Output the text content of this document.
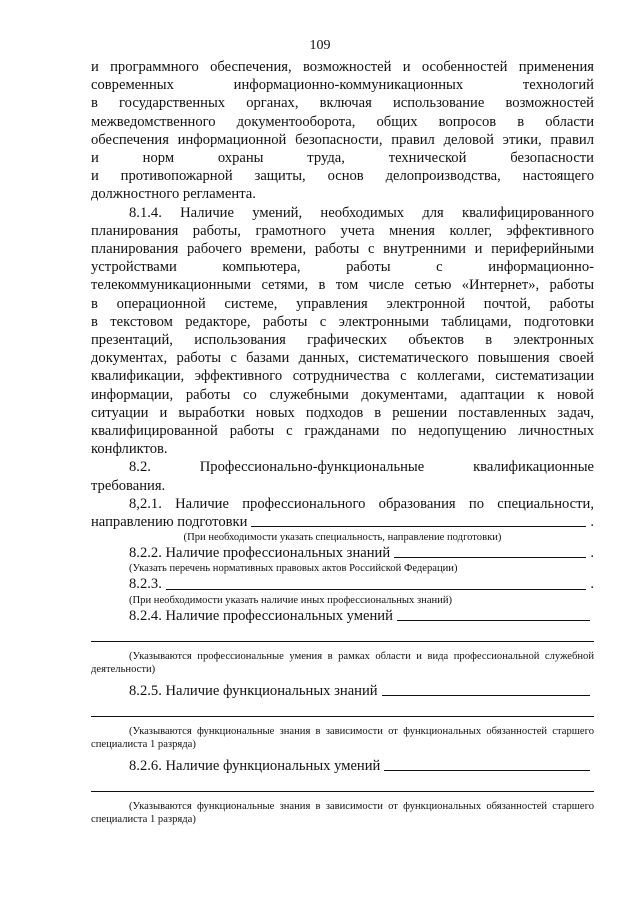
109
и программного обеспечения, возможностей и особенностей применения
современных информационно-коммуникационных технологий
в государственных органах, включая использование возможностей
межведомственного документооборота, общих вопросов в области
обеспечения информационной безопасности, правил деловой этики, правил
и норм охраны труда, технической безопасности
и противопожарной защиты, основ делопроизводства, настоящего
должностного регламента.
8.1.4. Наличие умений, необходимых для квалифицированного
планирования работы, грамотного учета мнения коллег, эффективного
планирования рабочего времени, работы с внутренними и периферийными
устройствами компьютера, работы с информационно-
телекоммуникационными сетями, в том числе сетью «Интернет», работы
в операционной системе, управления электронной почтой, работы
в текстовом редакторе, работы с электронными таблицами, подготовки
презентаций, использования графических объектов в электронных
документах, работы с базами данных, систематического повышения своей
квалификации, эффективного сотрудничества с коллегами, систематизации
информации, работы со служебными документами, адаптации к новой
ситуации и выработки новых подходов в решении поставленных задач,
квалифицированной работы с гражданами по недопущению личностных
конфликтов.
8.2. Профессионально-функциональные квалификационные
требования.
8,2.1. Наличие профессионального образования по специальности,
направлению подготовки	.
(При необходимости указать специальность, направление подготовки)
8.2.2. Наличие профессиональных знаний	.
(Указать перечень нормативных правовых актов Российской Федерации)
8.2.3.	.
(При необходимости указать наличие иных профессиональных знаний)
8.2.4. Наличие профессиональных умений
(Указываются профессиональные умения в рамках области и вида профессиональной служебной деятельности)
8.2.5. Наличие функциональных знаний
(Указываются функциональные знания в зависимости от функциональных обязанностей старшего специалиста 1 разряда)
8.2.6. Наличие функциональных умений
(Указываются функциональные знания в зависимости от функциональных обязанностей старшего специалиста 1 разряда)
